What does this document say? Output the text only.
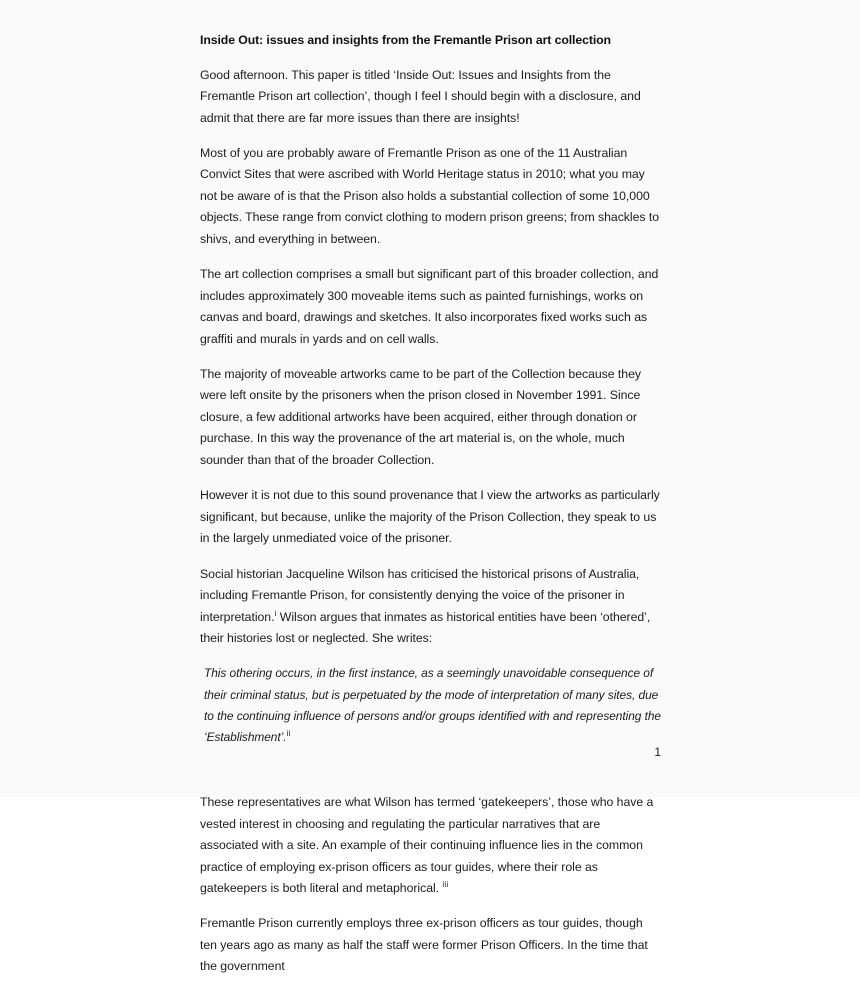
Inside Out: issues and insights from the Fremantle Prison art collection

Good afternoon. This paper is titled ‘Inside Out: Issues and Insights from the Fremantle Prison art collection’, though I feel I should begin with a disclosure, and admit that there are far more issues than there are insights!

Most of you are probably aware of Fremantle Prison as one of the 11 Australian Convict Sites that were ascribed with World Heritage status in 2010; what you may not be aware of is that the Prison also holds a substantial collection of some 10,000 objects. These range from convict clothing to modern prison greens; from shackles to shivs, and everything in between.

The art collection comprises a small but significant part of this broader collection, and includes approximately 300 moveable items such as painted furnishings, works on canvas and board, drawings and sketches. It also incorporates fixed works such as graffiti and murals in yards and on cell walls.

The majority of moveable artworks came to be part of the Collection because they were left onsite by the prisoners when the prison closed in November 1991. Since closure, a few additional artworks have been acquired, either through donation or purchase. In this way the provenance of the art material is, on the whole, much sounder than that of the broader Collection.

However it is not due to this sound provenance that I view the artworks as particularly significant, but because, unlike the majority of the Prison Collection, they speak to us in the largely unmediated voice of the prisoner.

Social historian Jacqueline Wilson has criticised the historical prisons of Australia, including Fremantle Prison, for consistently denying the voice of the prisoner in interpretation.$^i$ Wilson argues that inmates as historical entities have been ‘othered’, their histories lost or neglected. She writes:

This othering occurs, in the first instance, as a seemingly unavoidable consequence of their criminal status, but is perpetuated by the mode of interpretation of many sites, due to the continuing influence of persons and/or groups identified with and representing the ‘Establishment’.$^{ii}$

These representatives are what Wilson has termed ‘gatekeepers’, those who have a vested interest in choosing and regulating the particular narratives that are associated with a site. An example of their continuing influence lies in the common practice of employing ex-prison officers as tour guides, where their role as gatekeepers is both literal and metaphorical. $^{iii}$

Fremantle Prison currently employs three ex-prison officers as tour guides, though ten years ago as many as half the staff were former Prison Officers. In the time that the government

1
